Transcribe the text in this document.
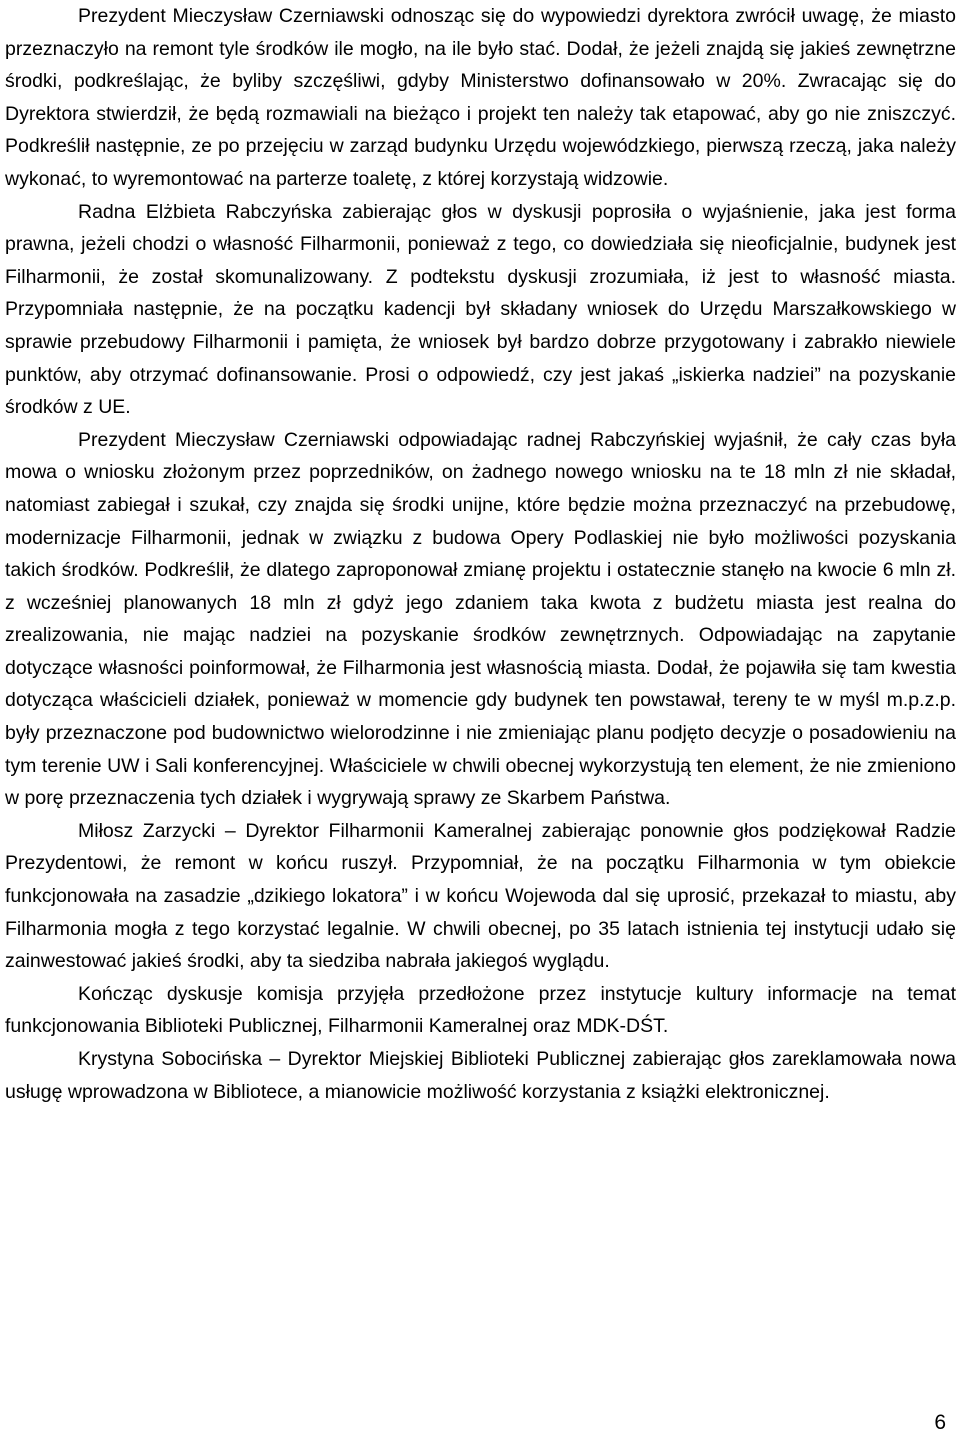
Prezydent Mieczysław Czerniawski odnosząc się do wypowiedzi dyrektora zwrócił uwagę, że miasto przeznaczyło na remont tyle środków ile mogło, na ile było stać. Dodał, że jeżeli znajdą się jakieś zewnętrzne środki, podkreślając, że byliby szczęśliwi, gdyby Ministerstwo dofinansowało w 20%. Zwracając się do Dyrektora stwierdził, że będą rozmawiali na bieżąco i projekt ten należy tak etapować, aby go nie zniszczyć. Podkreślił następnie, ze po przejęciu w zarząd budynku Urzędu wojewódzkiego, pierwszą rzeczą, jaka należy wykonać, to wyremontować na parterze toaletę, z której korzystają widzowie.

Radna Elżbieta Rabczyńska zabierając głos w dyskusji poprosiła o wyjaśnienie, jaka jest forma prawna, jeżeli chodzi o własność Filharmonii, ponieważ z tego, co dowiedziała się nieoficjalnie, budynek jest Filharmonii, że został skomunalizowany. Z podtekstu dyskusji zrozumiała, iż jest to własność miasta. Przypomniała następnie, że na początku kadencji był składany wniosek do Urzędu Marszałkowskiego w sprawie przebudowy Filharmonii i pamięta, że wniosek był bardzo dobrze przygotowany i zabrakło niewiele punktów, aby otrzymać dofinansowanie. Prosi o odpowiedź, czy jest jakaś „iskierka nadziei” na pozyskanie środków z UE.

Prezydent Mieczysław Czerniawski odpowiadając radnej Rabczyńskiej wyjaśnił, że cały czas była mowa o wniosku złożonym przez poprzedników, on żadnego nowego wniosku na te 18 mln zł nie składał, natomiast zabiegał i szukał, czy znajda się środki unijne, które będzie można przeznaczyć na przebudowę, modernizacje Filharmonii, jednak w związku z budowa Opery Podlaskiej nie było możliwości pozyskania takich środków. Podkreślił, że dlatego zaproponował zmianę projektu i ostatecznie stanęło na kwocie 6 mln zł. z wcześniej planowanych 18 mln zł gdyż jego zdaniem taka kwota z budżetu miasta jest realna do zrealizowania, nie mając nadziei na pozyskanie środków zewnętrznych. Odpowiadając na zapytanie dotyczące własności poinformował, że Filharmonia jest własnością miasta. Dodał, że pojawiła się tam kwestia dotycząca właścicieli działek, ponieważ w momencie gdy budynek ten powstawał, tereny te w myśl m.p.z.p. były przeznaczone pod budownictwo wielorodzinne i nie zmieniając planu podjęto decyzje o posadowieniu na tym terenie UW i Sali konferencyjnej. Właściciele w chwili obecnej wykorzystują ten element, że nie zmieniono w porę przeznaczenia tych działek i wygrywają sprawy ze Skarbem Państwa.

Miłosz Zarzycki – Dyrektor Filharmonii Kameralnej zabierając ponownie głos podziękował Radzie Prezydentowi, że remont w końcu ruszył. Przypomniał, że na początku Filharmonia w tym obiekcie funkcjonowała na zasadzie „dzikiego lokatora” i w końcu Wojewoda dal się uprosić, przekazał to miastu, aby Filharmonia mogła z tego korzystać legalnie. W chwili obecnej, po 35 latach istnienia tej instytucji udało się zainwestować jakieś środki, aby ta siedziba nabrała jakiegoś wyglądu.

Kończąc dyskusje komisja przyjęła przedłożone przez instytucje kultury informacje na temat funkcjonowania Biblioteki Publicznej, Filharmonii Kameralnej oraz MDK-DŚT.

Krystyna Sobocińska – Dyrektor Miejskiej Biblioteki Publicznej zabierając głos zareklamowała nowa usługę wprowadzona w Bibliotece, a mianowicie możliwość korzystania z książki elektronicznej.

6
